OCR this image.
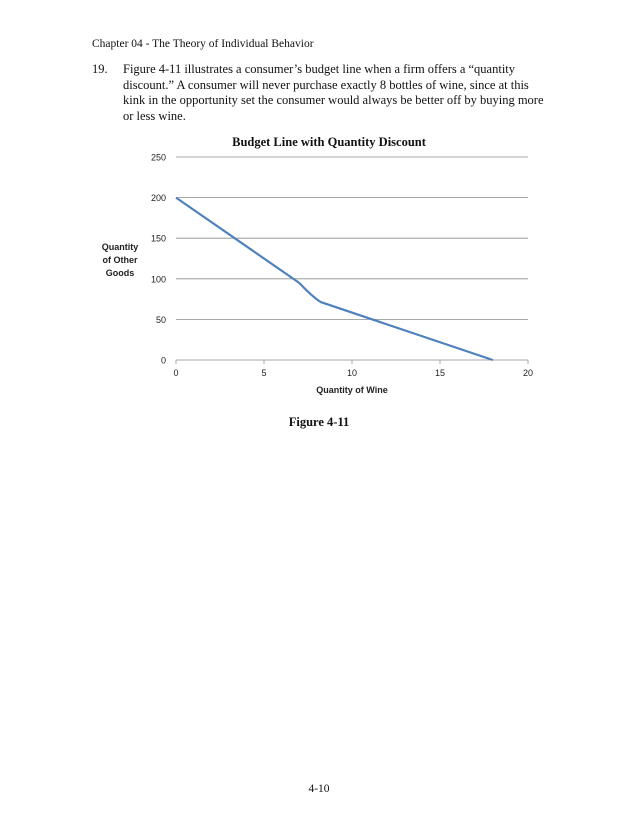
Chapter 04 - The Theory of Individual Behavior
19. Figure 4-11 illustrates a consumer’s budget line when a firm offers a “quantity
discount.” A consumer will never purchase exactly 8 bottles of wine, since at this
kink in the opportunity set the consumer would always be better off by buying more
or less wine.
Budget Line with Quantity Discount
0
50
100
150
200
250
0	5	10	15	20
Quantity of Wine
Quantity
of Other
Goods
Figure 4-11
4-10
